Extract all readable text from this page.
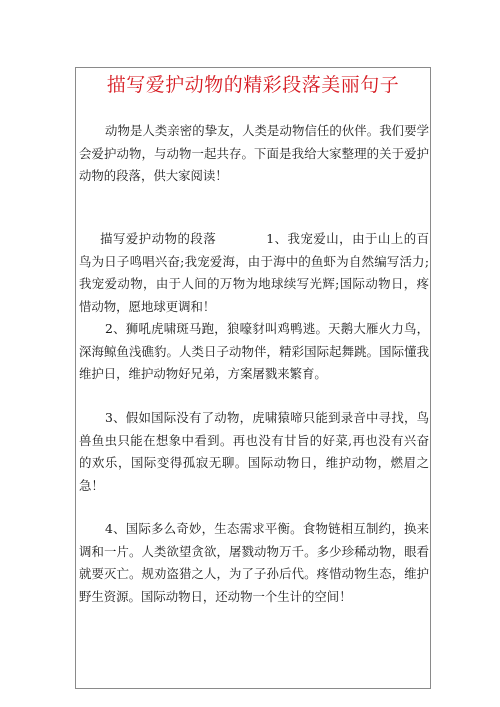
描写爱护动物的精彩段落美丽句子

动物是人类亲密的挚友，人类是动物信任的伙伴。我们要学会爱护动物，与动物一起共存。下面是我给大家整理的关于爱护动物的段落，供大家阅读！

描写爱护动物的段落	1、我宠爱山，由于山上的百鸟为日子鸣唱兴奋;我宠爱海，由于海中的鱼虾为自然编写活力;我宠爱动物，由于人间的万物为地球续写光辉;国际动物日，疼惜动物，愿地球更调和！

2、狮吼虎啸斑马跑，狼嚎豺叫鸡鸭逃。天鹅大雁火力鸟，深海鲸鱼浅礁豹。人类日子动物伴，精彩国际起舞跳。国际懂我维护日，维护动物好兄弟，方案屠戮来繁育。

3、假如国际没有了动物，虎啸猿啼只能到录音中寻找，鸟兽鱼虫只能在想象中看到。再也没有甘旨的好菜,再也没有兴奋的欢乐，国际变得孤寂无聊。国际动物日，维护动物，燃眉之急！

4、国际多么奇妙，生态需求平衡。食物链相互制约，换来调和一片。人类欲望贪欲，屠戮动物万千。多少珍稀动物，眼看就要灭亡。规劝盗猎之人，为了子孙后代。疼惜动物生态，维护野生资源。国际动物日，还动物一个生计的空间！
